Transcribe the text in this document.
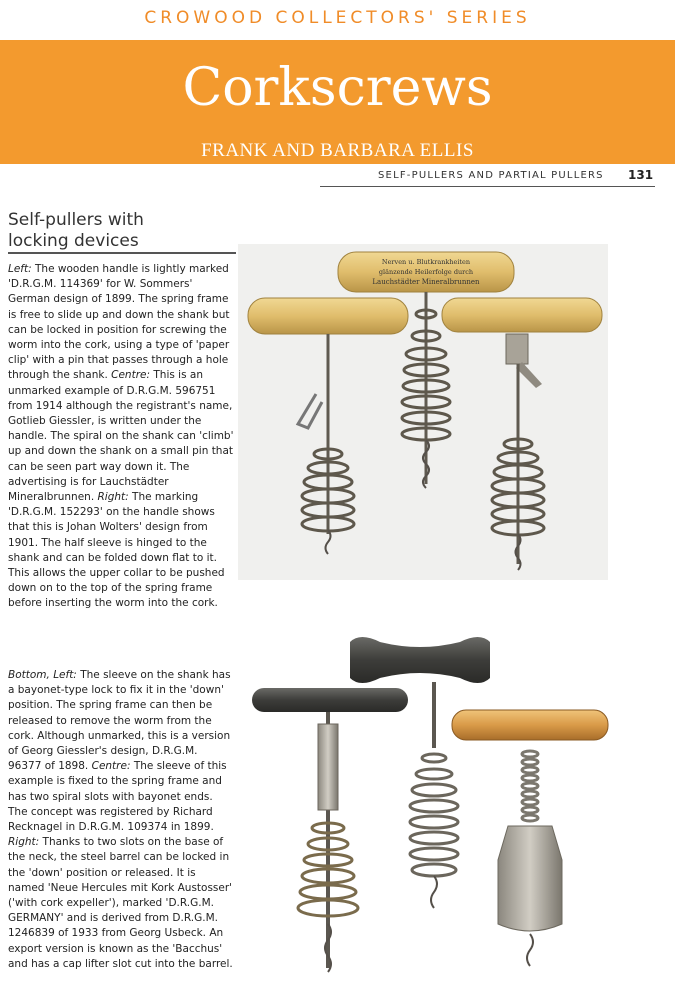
CROWOOD COLLECTORS' SERIES
Corkscrews
FRANK AND BARBARA ELLIS
SELF-PULLERS AND PARTIAL PULLERS 131
Self-pullers with locking devices
Left: The wooden handle is lightly marked 'D.R.G.M. 114369' for W. Sommers' German design of 1899. The spring frame is free to slide up and down the shank but can be locked in position for screwing the worm into the cork, using a type of 'paper clip' with a pin that passes through a hole through the shank. Centre: This is an unmarked example of D.R.G.M. 596751 from 1914 although the registrant's name, Gotlieb Giessler, is written under the handle. The spiral on the shank can 'climb' up and down the shank on a small pin that can be seen part way down it. The advertising is for Lauchstädter Mineralbrunnen. Right: The marking 'D.R.G.M. 152293' on the handle shows that this is Johan Wolters' design from 1901. The half sleeve is hinged to the shank and can be folded down flat to it. This allows the upper collar to be pushed down on to the top of the spring frame before inserting the worm into the cork.
Bottom, Left: The sleeve on the shank has a bayonet-type lock to fix it in the 'down' position. The spring frame can then be released to remove the worm from the cork. Although unmarked, this is a version of Georg Giessler's design, D.R.G.M. 96377 of 1898. Centre: The sleeve of this example is fixed to the spring frame and has two spiral slots with bayonet ends. The concept was registered by Richard Recknagel in D.R.G.M. 109374 in 1899. Right: Thanks to two slots on the base of the neck, the steel barrel can be locked in the 'down' position or released. It is named 'Neue Hercules mit Kork Austosser' ('with cork expeller'), marked 'D.R.G.M. GERMANY' and is derived from D.R.G.M. 1246839 of 1933 from Georg Usbeck. An export version is known as the 'Bacchus' and has a cap lifter slot cut into the barrel.
Nerven u. Blutkrankheiten
glänzende Heilerfolge durch
Lauchstädter Mineralbrunnen
